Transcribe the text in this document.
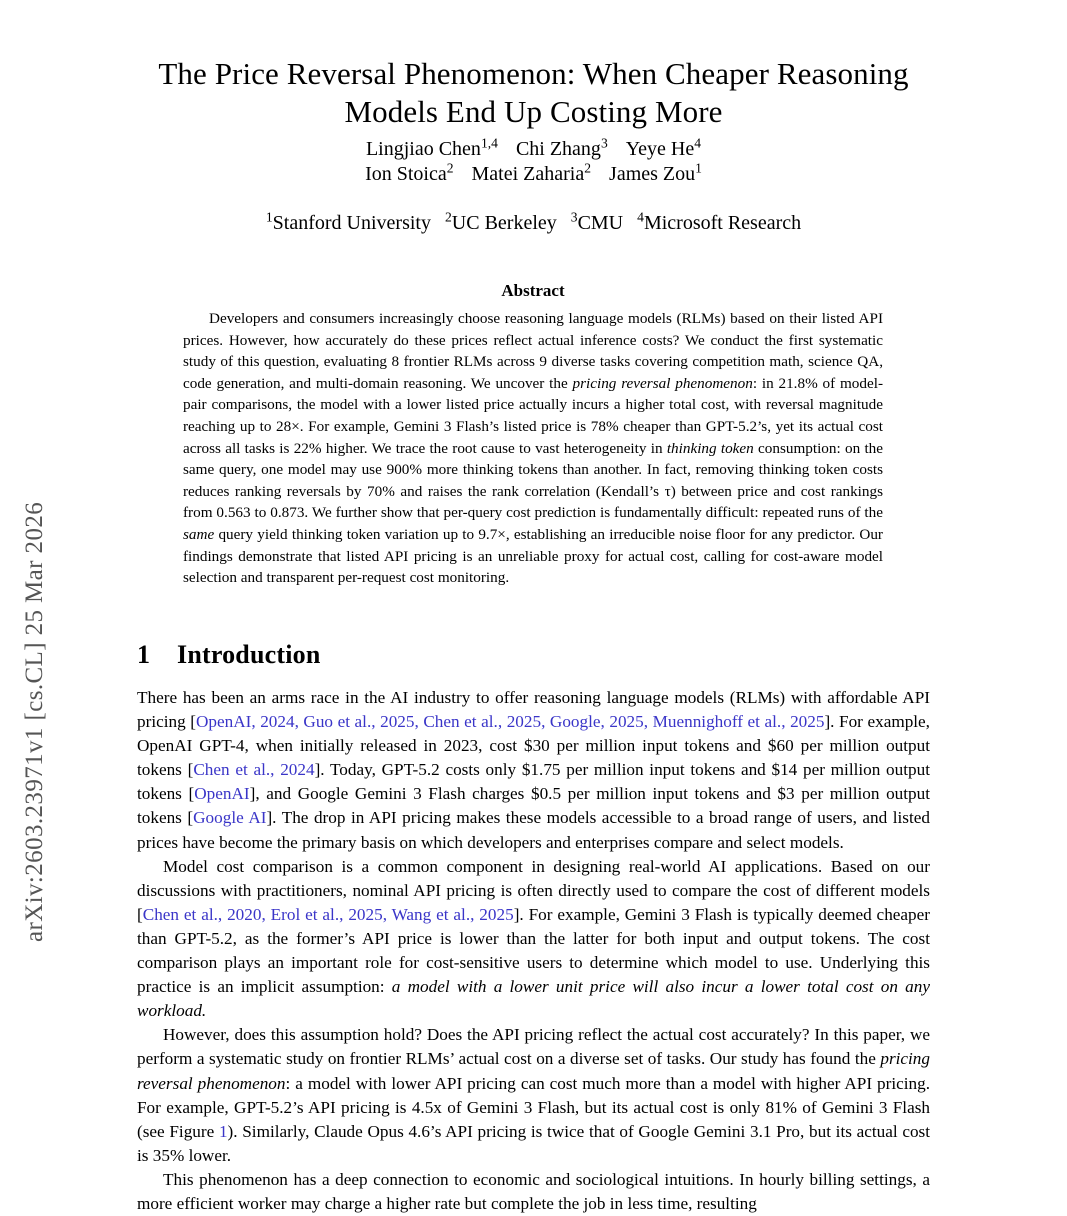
arXiv:2603.23971v1 [cs.CL] 25 Mar 2026
The Price Reversal Phenomenon: When Cheaper Reasoning
Models End Up Costing More
Lingjiao Chen$^{1,4}$ Chi Zhang$^3$ Yeye He$^4$
Ion Stoica$^2$ Matei Zaharia$^2$ James Zou$^1$
$^1$Stanford University $^2$UC Berkeley $^3$CMU $^4$Microsoft Research
Abstract
Developers and consumers increasingly choose reasoning language models (RLMs) based on their listed API prices. However, how accurately do these prices reflect actual inference costs? We conduct the first systematic study of this question, evaluating 8 frontier RLMs across 9 diverse tasks covering competition math, science QA, code generation, and multi-domain reasoning. We uncover the pricing reversal phenomenon: in 21.8% of model-pair comparisons, the model with a lower listed price actually incurs a higher total cost, with reversal magnitude reaching up to 28×. For example, Gemini 3 Flash’s listed price is 78% cheaper than GPT-5.2’s, yet its actual cost across all tasks is 22% higher. We trace the root cause to vast heterogeneity in thinking token consumption: on the same query, one model may use 900% more thinking tokens than another. In fact, removing thinking token costs reduces ranking reversals by 70% and raises the rank correlation (Kendall’s τ) between price and cost rankings from 0.563 to 0.873. We further show that per-query cost prediction is fundamentally difficult: repeated runs of the same query yield thinking token variation up to 9.7×, establishing an irreducible noise floor for any predictor. Our findings demonstrate that listed API pricing is an unreliable proxy for actual cost, calling for cost-aware model selection and transparent per-request cost monitoring.
1 Introduction

There has been an arms race in the AI industry to offer reasoning language models (RLMs) with affordable API pricing [OpenAI, 2024, Guo et al., 2025, Chen et al., 2025, Google, 2025, Muennighoff et al., 2025]. For example, OpenAI GPT-4, when initially released in 2023, cost $30 per million input tokens and $60 per million output tokens [Chen et al., 2024]. Today, GPT-5.2 costs only $1.75 per million input tokens and $14 per million output tokens [OpenAI], and Google Gemini 3 Flash charges $0.5 per million input tokens and $3 per million output tokens [Google AI]. The drop in API pricing makes these models accessible to a broad range of users, and listed prices have become the primary basis on which developers and enterprises compare and select models.

Model cost comparison is a common component in designing real-world AI applications. Based on our discussions with practitioners, nominal API pricing is often directly used to compare the cost of different models [Chen et al., 2020, Erol et al., 2025, Wang et al., 2025]. For example, Gemini 3 Flash is typically deemed cheaper than GPT-5.2, as the former’s API price is lower than the latter for both input and output tokens. The cost comparison plays an important role for cost-sensitive users to determine which model to use. Underlying this practice is an implicit assumption: a model with a lower unit price will also incur a lower total cost on any workload.

However, does this assumption hold? Does the API pricing reflect the actual cost accurately? In this paper, we perform a systematic study on frontier RLMs’ actual cost on a diverse set of tasks. Our study has found the pricing reversal phenomenon: a model with lower API pricing can cost much more than a model with higher API pricing. For example, GPT-5.2’s API pricing is 4.5x of Gemini 3 Flash, but its actual cost is only 81% of Gemini 3 Flash (see Figure 1). Similarly, Claude Opus 4.6’s API pricing is twice that of Google Gemini 3.1 Pro, but its actual cost is 35% lower.

This phenomenon has a deep connection to economic and sociological intuitions. In hourly billing settings, a more efficient worker may charge a higher rate but complete the job in less time, resulting
